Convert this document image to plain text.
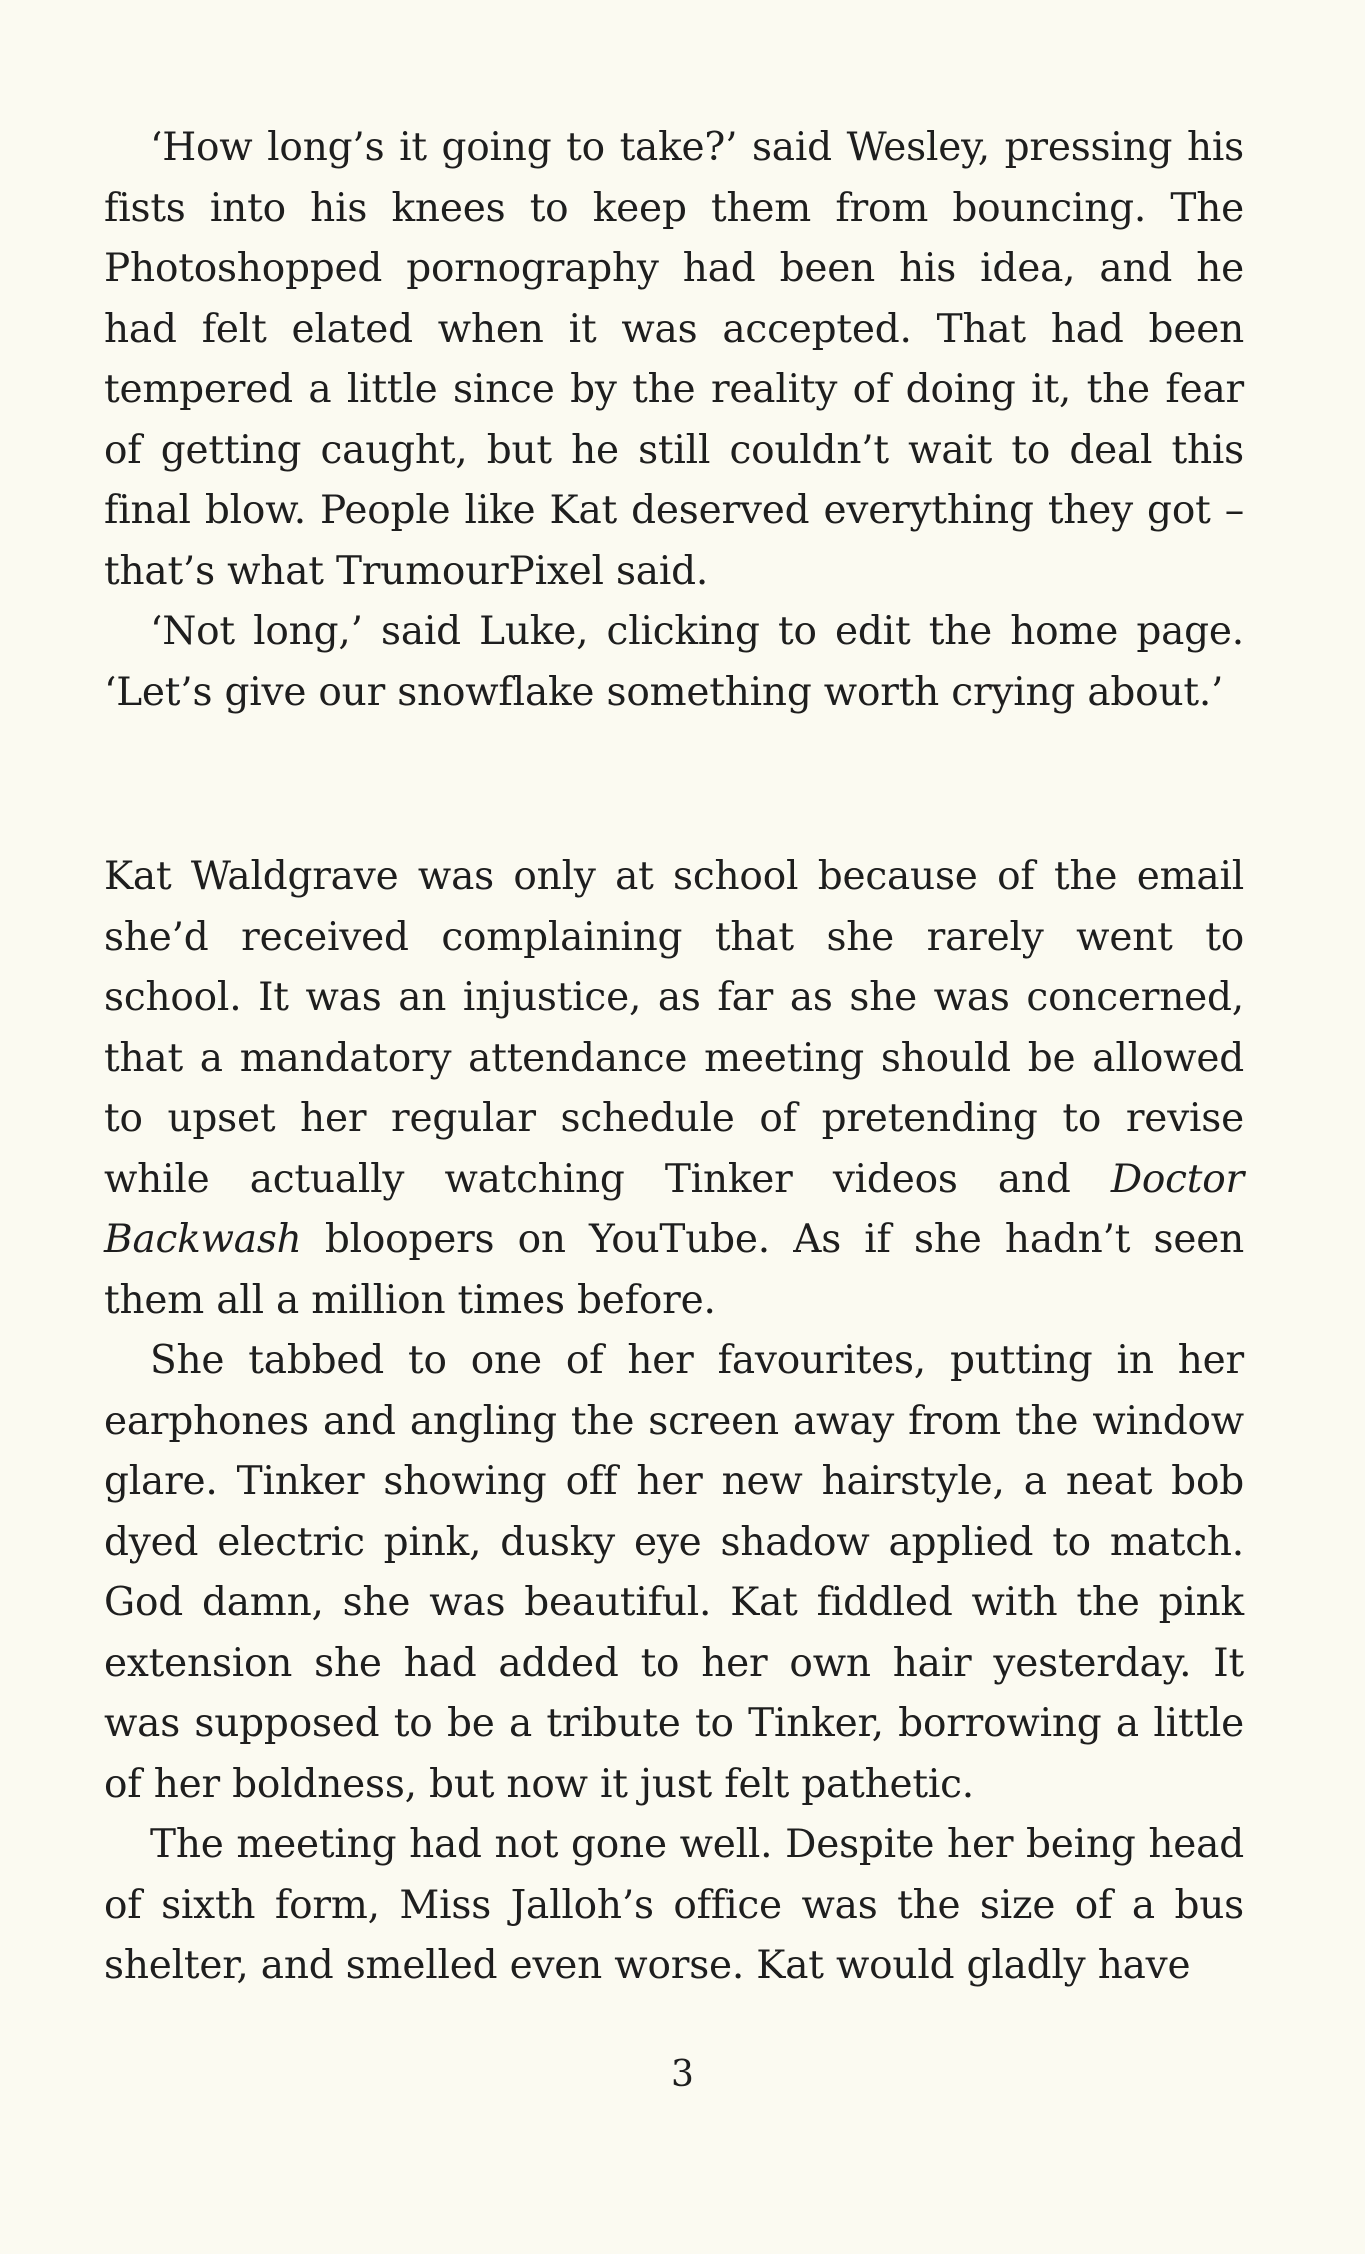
‘How long’s it going to take?’ said Wesley, pressing his fists into his knees to keep them from bouncing. The Photoshopped pornography had been his idea, and he had felt elated when it was accepted. That had been tempered a little since by the reality of doing it, the fear of getting caught, but he still couldn’t wait to deal this final blow. People like Kat deserved everything they got – that’s what TrumourPixel said.

‘Not long,’ said Luke, clicking to edit the home page. ‘Let’s give our snowflake something worth crying about.’

Kat Waldgrave was only at school because of the email she’d received complaining that she rarely went to school. It was an injustice, as far as she was concerned, that a mandatory attendance meeting should be allowed to upset her regular schedule of pretending to revise while actually watching Tinker videos and Doctor Backwash bloopers on YouTube. As if she hadn’t seen them all a million times before.

She tabbed to one of her favourites, putting in her earphones and angling the screen away from the window glare. Tinker showing off her new hairstyle, a neat bob dyed electric pink, dusky eye shadow applied to match. God damn, she was beautiful. Kat fiddled with the pink extension she had added to her own hair yesterday. It was supposed to be a tribute to Tinker, borrowing a little of her boldness, but now it just felt pathetic.

The meeting had not gone well. Despite her being head of sixth form, Miss Jalloh’s office was the size of a bus shelter, and smelled even worse. Kat would gladly have

3
